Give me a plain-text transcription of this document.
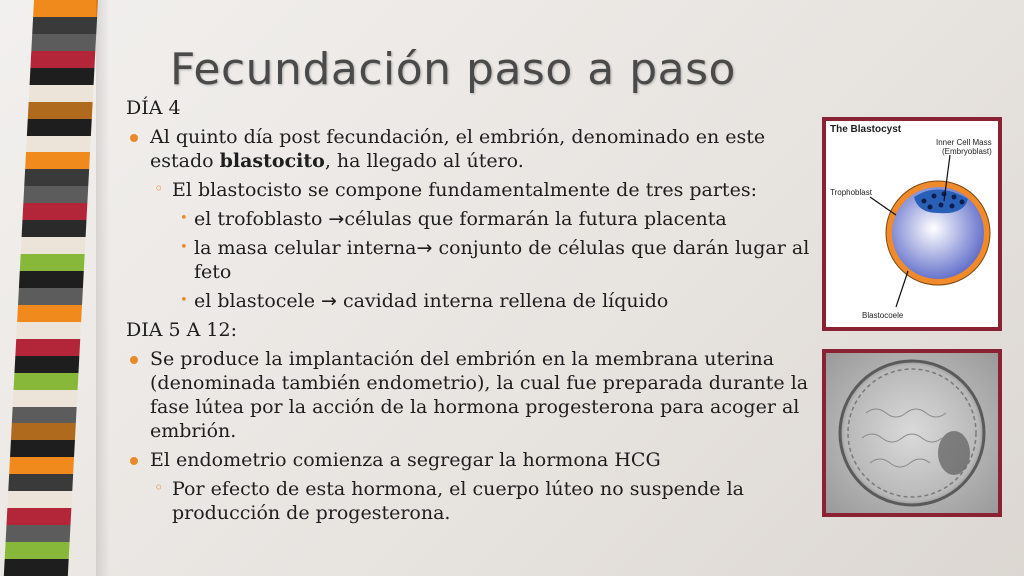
Fecundación paso a paso

DÍA 4

Al quinto día post fecundación, el embrión, denominado en este estado blastocito, ha llegado al útero.

◦ El blastocisto se compone fundamentalmente de tres partes:

• el trofoblasto →células que formarán la futura placenta

• la masa celular interna→ conjunto de células que darán lugar al feto

• el blastocele → cavidad interna rellena de líquido

DIA 5 A 12:

Se produce la implantación del embrión en la membrana uterina (denominada también endometrio), la cual fue preparada durante la fase lútea por la acción de la hormona progesterona para acoger al embrión.

El endometrio comienza a segregar la hormona HCG

◦ Por efecto de esta hormona, el cuerpo lúteo no suspende la producción de progesterona.

The Blastocyst
Inner Cell Mass
(Embryoblast)
Trophoblast
Blastocoele
